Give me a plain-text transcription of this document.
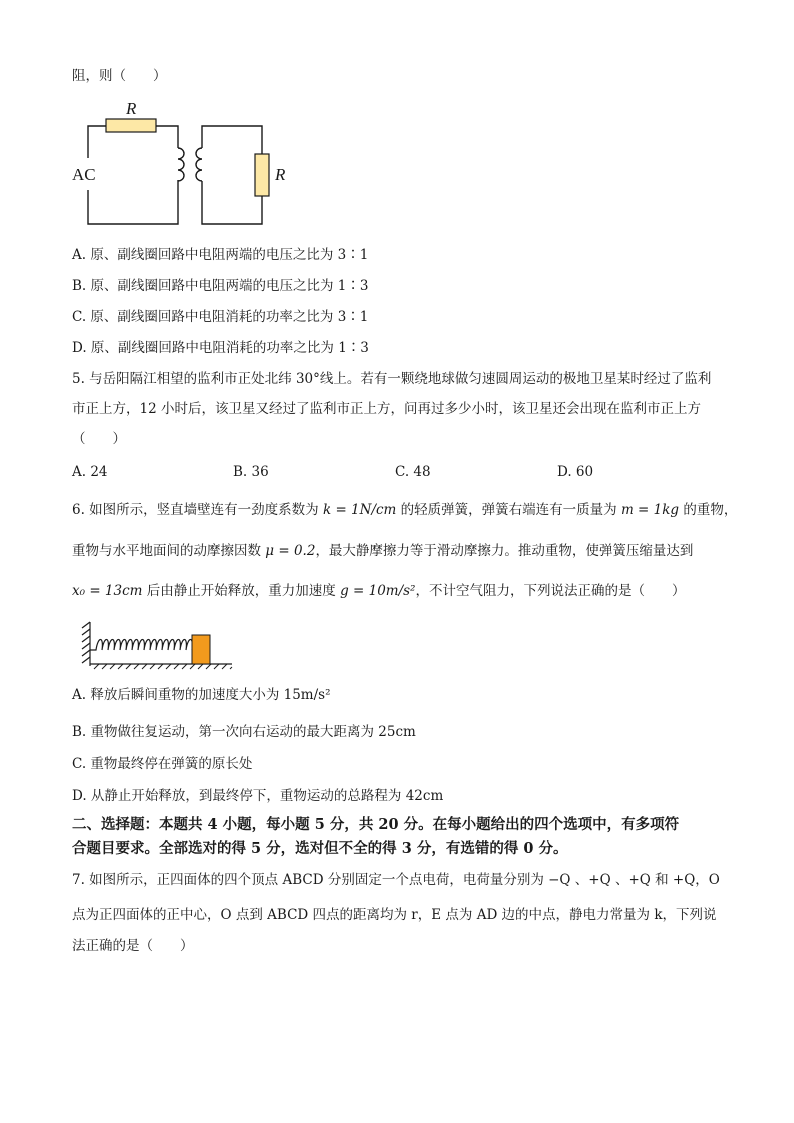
阻，则（　　）
R
AC	R
A. 原、副线圈回路中电阻两端的电压之比为 3∶1
B. 原、副线圈回路中电阻两端的电压之比为 1∶3
C. 原、副线圈回路中电阻消耗的功率之比为 3∶1
D. 原、副线圈回路中电阻消耗的功率之比为 1∶3
5. 与岳阳隔江相望的监利市正处北纬 30°线上。若有一颗绕地球做匀速圆周运动的极地卫星某时经过了监利
市正上方，12 小时后，该卫星又经过了监利市正上方，问再过多少小时，该卫星还会出现在监利市正上方
（　　）
A. 24	B. 36	C. 48	D. 60
6. 如图所示，竖直墙壁连有一劲度系数为 k = 1N/cm 的轻质弹簧，弹簧右端连有一质量为 m = 1kg 的重物，
重物与水平地面间的动摩擦因数 μ = 0.2，最大静摩擦力等于滑动摩擦力。推动重物，使弹簧压缩量达到
x₀ = 13cm 后由静止开始释放，重力加速度 g = 10m/s²，不计空气阻力，下列说法正确的是（　　）
A. 释放后瞬间重物的加速度大小为 15m/s²
B. 重物做往复运动，第一次向右运动的最大距离为 25cm
C. 重物最终停在弹簧的原长处
D. 从静止开始释放，到最终停下，重物运动的总路程为 42cm
二、选择题：本题共 4 小题，每小题 5 分，共 20 分。在每小题给出的四个选项中，有多项符
合题目要求。全部选对的得 5 分，选对但不全的得 3 分，有选错的得 0 分。
7. 如图所示，正四面体的四个顶点 ABCD 分别固定一个点电荷，电荷量分别为 −Q 、+Q 、+Q 和 +Q，O
点为正四面体的正中心，O 点到 ABCD 四点的距离均为 r，E 点为 AD 边的中点，静电力常量为 k，下列说
法正确的是（　　）
